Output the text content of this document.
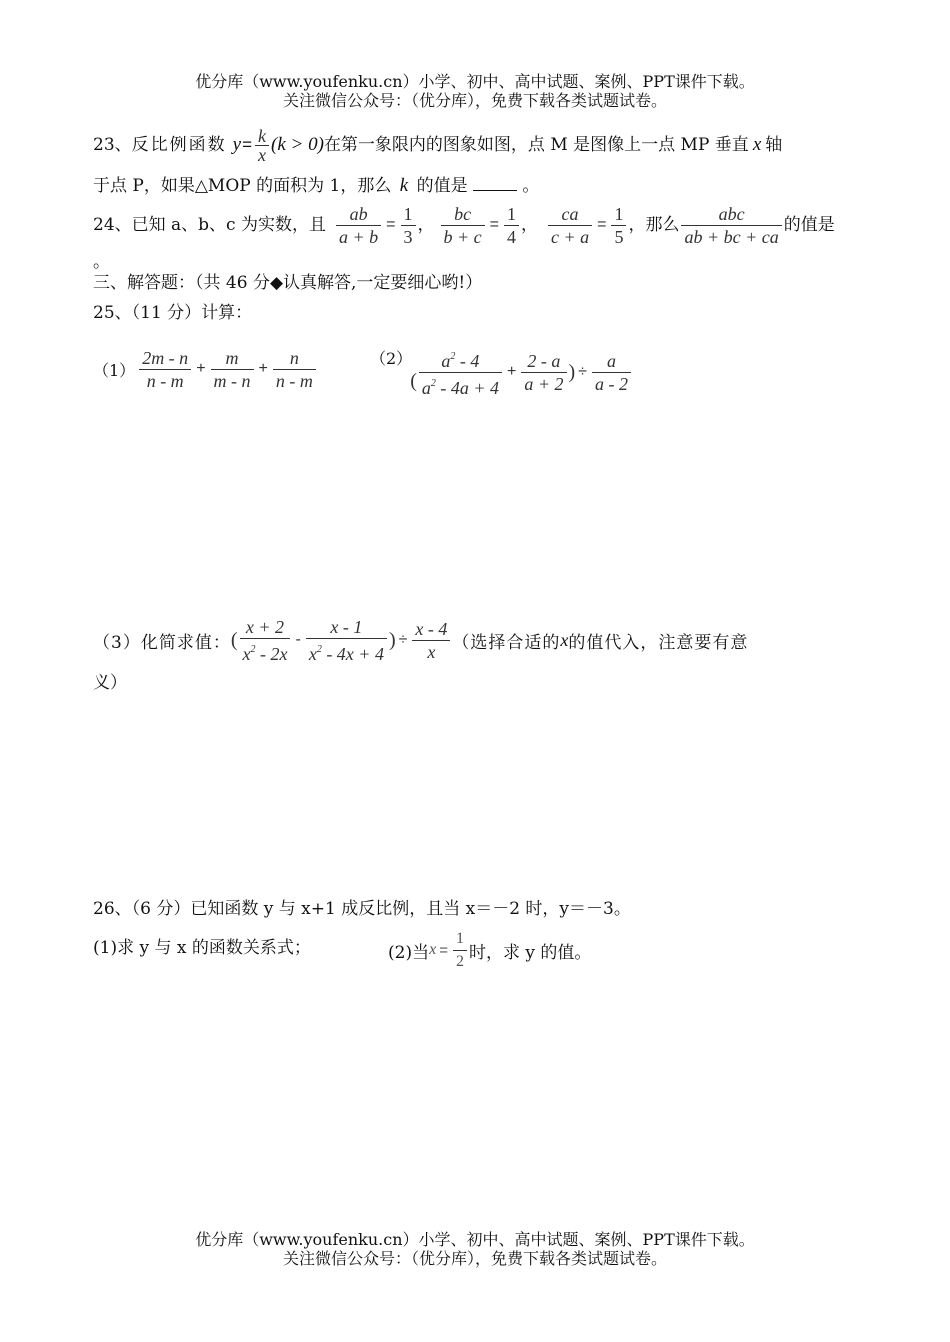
优分库（www.youfenku.cn）小学、初中、高中试题、案例、PPT课件下载。
关注微信公众号：（优分库），免费下载各类试题试卷。
23、 反比例函数 $y = \frac{k}{x} (k > 0)$ 在第一象限内的图象如图，点 M 是图像上一点 MP 垂直 x 轴
于点 P，如果△MOP 的面积为 1，那么 k 的值是	。
24、 已知 a、b、c 为实数，且 $\frac{ab}{a + b} = \frac{1}{3}$ ， $\frac{bc}{b + c} = \frac{1}{4}$ ， $\frac{ca}{c + a} = \frac{1}{5}$ ，那么 $\frac{\text{abc}}{ab + bc + ca}$ 的值是
。
三、解答题：（共 46 分◆认真解答,一定要细心哟!）
25、（11 分）计算：
$(1) \frac{2m - n}{n - m} + \frac{m}{m - n} + \frac{n}{n - m}$	（2）
( $\frac{a^2 - 4}{a^2 - 4a + 4} + \frac{2 - a}{a + 2}$ ) ÷ $\frac{a}{a - 2}$
（3）化简求值： ( $\frac{x + 2}{x^2 - 2x} - \frac{x - 1}{x^2 - 4x + 4}$ ) ÷ $\frac{x - 4}{x}$ （选择合适的 x 的值代入，注意要有意
义）
26、（6 分）已知函数 y 与 x+1 成反比例，且当 x＝－2 时，y＝－3。
(1)求 y 与 x 的函数关系式；	(2)当 $x = \frac{1}{2}$ 时，求 y 的值。
优分库（www.youfenku.cn）小学、初中、高中试题、案例、PPT课件下载。
关注微信公众号：（优分库），免费下载各类试题试卷。
